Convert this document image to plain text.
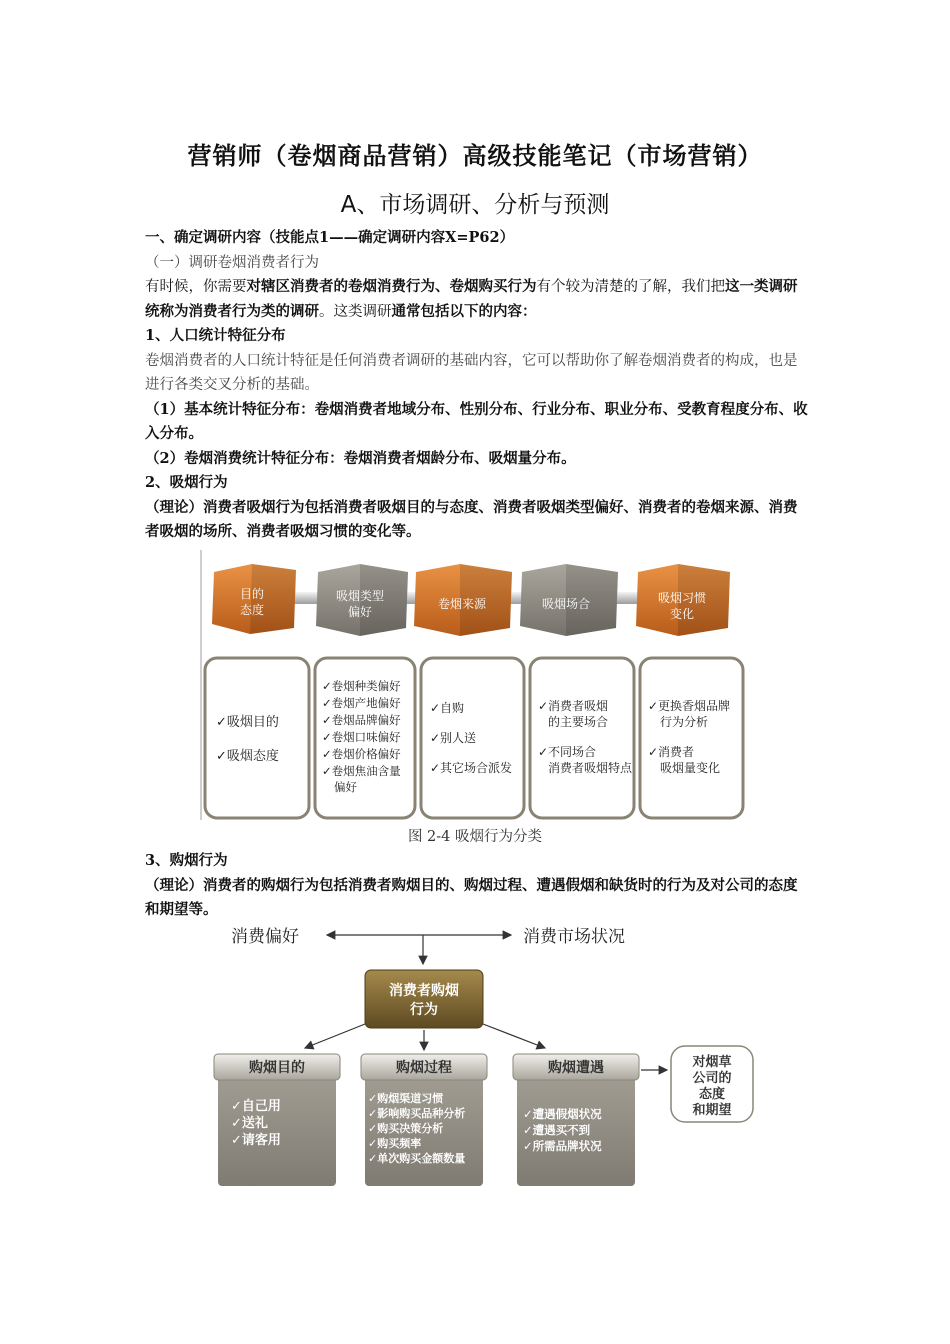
营销师（卷烟商品营销）高级技能笔记（市场营销）
A、市场调研、分析与预测

一、确定调研内容（技能点1——确定调研内容X=P62）

（一）调研卷烟消费者行为

有时候，你需要对辖区消费者的卷烟消费行为、卷烟购买行为有个较为清楚的了解，我们把这一类调研统称为消费者行为类的调研。这类调研通常包括以下的内容：

1、人口统计特征分布

卷烟消费者的人口统计特征是任何消费者调研的基础内容，它可以帮助你了解卷烟消费者的构成，也是进行各类交叉分析的基础。

（1）基本统计特征分布：卷烟消费者地域分布、性别分布、行业分布、职业分布、受教育程度分布、收入分布。

（2）卷烟消费统计特征分布：卷烟消费者烟龄分布、吸烟量分布。

2、吸烟行为

（理论）消费者吸烟行为包括消费者吸烟目的与态度、消费者吸烟类型偏好、消费者的卷烟来源、消费者吸烟的场所、消费者吸烟习惯的变化等。

目的
态度
吸烟类型
偏好
卷烟来源	吸烟场合	吸烟习惯
变化
✓吸烟目的
✓吸烟态度
✓卷烟种类偏好
✓卷烟产地偏好
✓卷烟品牌偏好
✓卷烟口味偏好
✓卷烟价格偏好
✓卷烟焦油含量
偏好
✓自购
✓别人送
✓其它场合派发
✓消费者吸烟
的主要场合
✓不同场合
消费者吸烟特点
✓更换香烟品牌
行为分析
✓消费者
吸烟量变化
图 2-4 吸烟行为分类

3、购烟行为

（理论）消费者的购烟行为包括消费者购烟目的、购烟过程、遭遇假烟和缺货时的行为及对公司的态度和期望等。

消费偏好	消费市场状况
消费者购烟
行为
购烟目的
✓自己用
✓送礼
✓请客用
购烟过程
✓购烟渠道习惯
✓影响购买品种分析
✓购买决策分析
✓购买频率
✓单次购买金额数量
购烟遭遇
✓遭遇假烟状况
✓遭遇买不到
✓所需品牌状况
对烟草
公司的
态度
和期望
